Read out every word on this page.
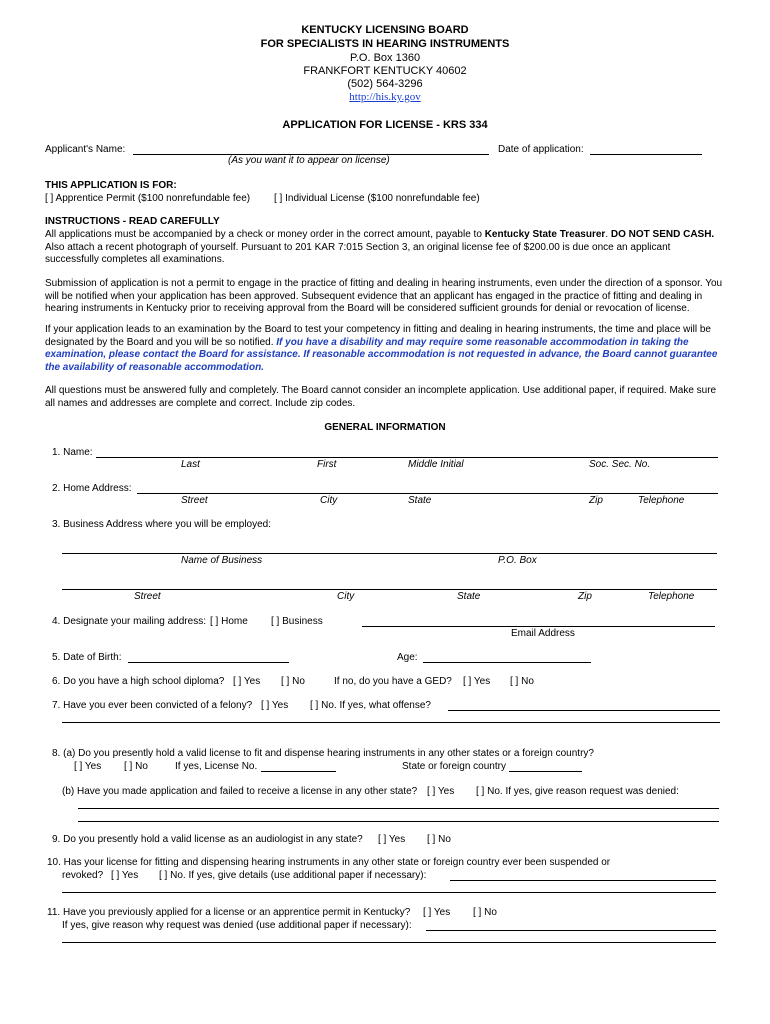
KENTUCKY LICENSING BOARD
FOR SPECIALISTS IN HEARING INSTRUMENTS
P.O. Box 1360
FRANKFORT KENTUCKY 40602
(502) 564-3296
http://his.ky.gov
APPLICATION FOR LICENSE - KRS 334
Applicant's Name:
(As you want it to appear on license)
Date of application:
THIS APPLICATION IS FOR:
[ ] Apprentice Permit ($100 nonrefundable fee) [ ] Individual License ($100 nonrefundable fee)
INSTRUCTIONS - READ CAREFULLY
All applications must be accompanied by a check or money order in the correct amount, payable to Kentucky State Treasurer. DO NOT SEND CASH. Also attach a recent photograph of yourself. Pursuant to 201 KAR 7:015 Section 3, an original license fee of $200.00 is due once an applicant successfully completes all examinations.
Submission of application is not a permit to engage in the practice of fitting and dealing in hearing instruments, even under the direction of a sponsor. You will be notified when your application has been approved. Subsequent evidence that an applicant has engaged in the practice of fitting and dealing in hearing instruments in Kentucky prior to receiving approval from the Board will be considered sufficient grounds for denial or revocation of license.
If your application leads to an examination by the Board to test your competency in fitting and dealing in hearing instruments, the time and place will be designated by the Board and you will be so notified. If you have a disability and may require some reasonable accommodation in taking the examination, please contact the Board for assistance. If reasonable accommodation is not requested in advance, the Board cannot guarantee the availability of reasonable accommodation.
All questions must be answered fully and completely. The Board cannot consider an incomplete application. Use additional paper, if required. Make sure all names and addresses are complete and correct. Include zip codes.
GENERAL INFORMATION
1. Name:
Last	First	Middle Initial	Soc. Sec. No.
2. Home Address:
Street	City	State	Zip	Telephone
3. Business Address where you will be employed:
Name of Business	P.O. Box
Street	City	State	Zip	Telephone
4. Designate your mailing address: [ ] Home [ ] Business
Email Address
5. Date of Birth:	Age:
6. Do you have a high school diploma? [ ] Yes [ ] No	If no, do you have a GED? [ ] Yes [ ] No
7. Have you ever been convicted of a felony? [ ] Yes [ ] No. If yes, what offense?
8. (a) Do you presently hold a valid license to fit and dispense hearing instruments in any other states or a foreign country?
[ ] Yes [ ] No	If yes, License No.	State or foreign country
(b) Have you made application and failed to receive a license in any other state? [ ] Yes [ ] No. If yes, give reason request was denied:
9. Do you presently hold a valid license as an audiologist in any state? [ ] Yes [ ] No
10. Has your license for fitting and dispensing hearing instruments in any other state or foreign country ever been suspended or
revoked? [ ] Yes [ ] No. If yes, give details (use additional paper if necessary):
11. Have you previously applied for a license or an apprentice permit in Kentucky? [ ] Yes [ ] No
If yes, give reason why request was denied (use additional paper if necessary):
